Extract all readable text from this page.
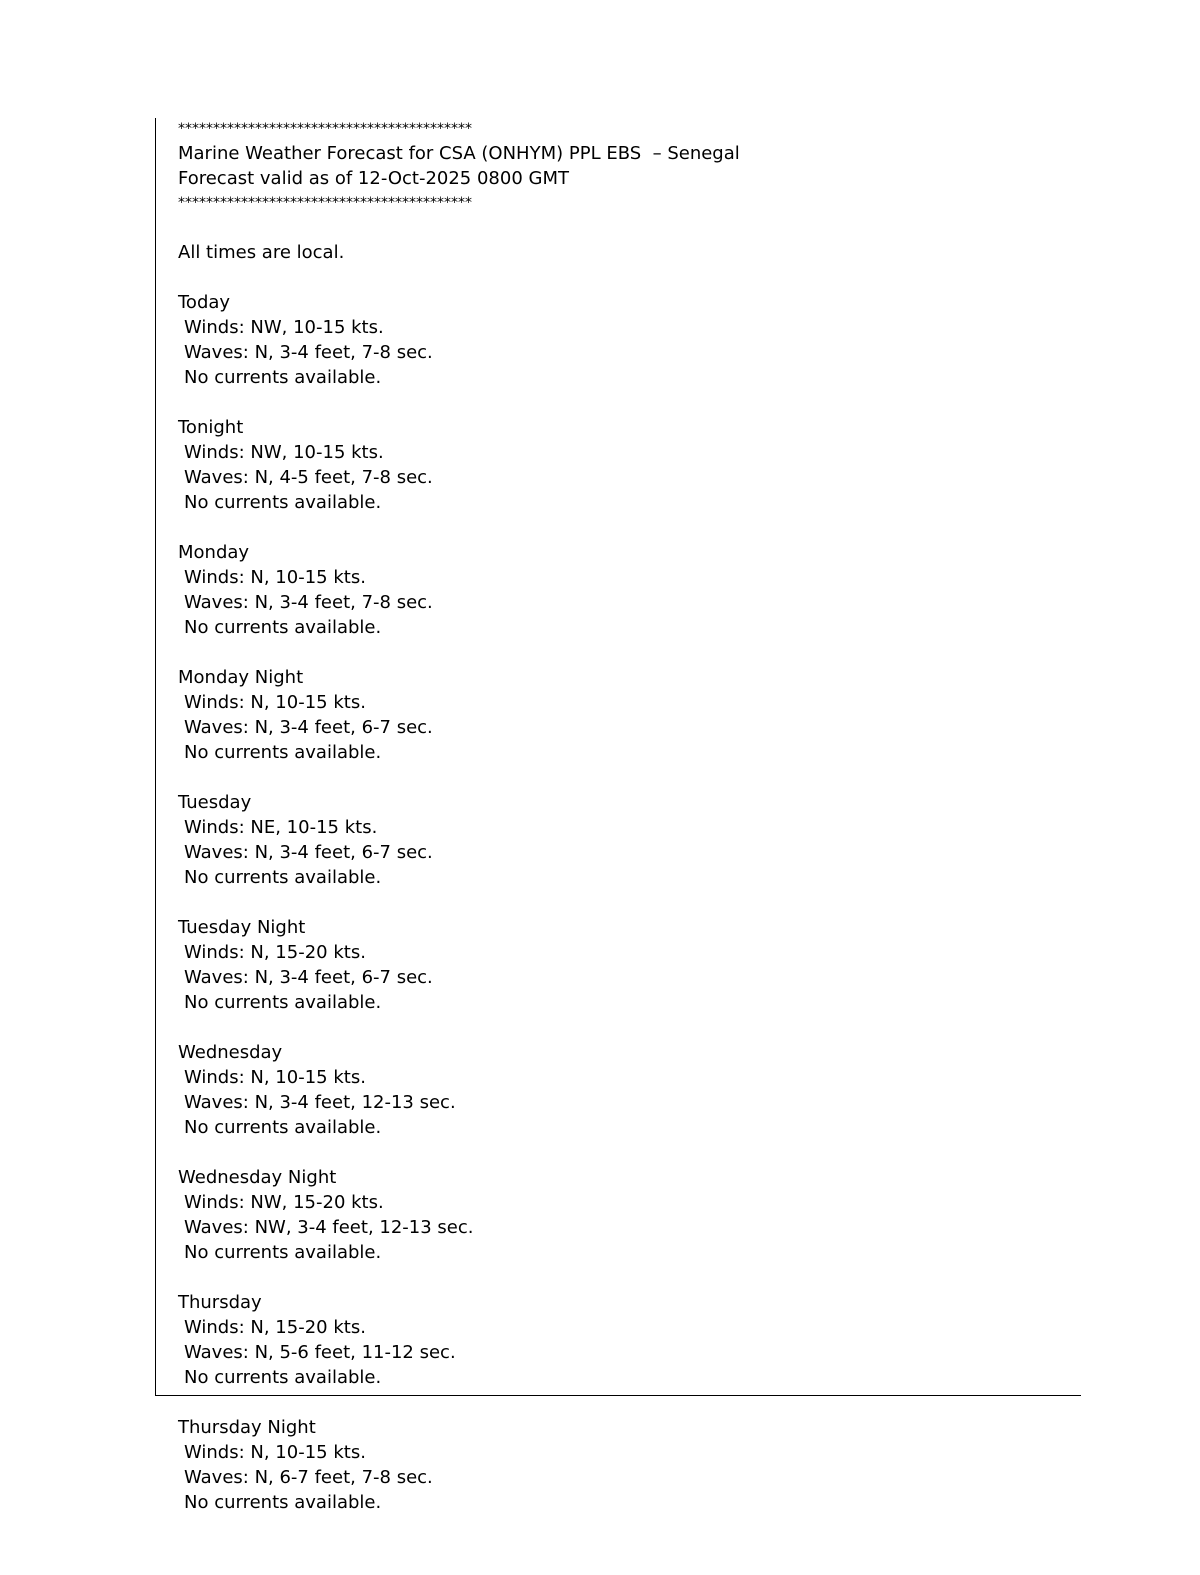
******************************************
Marine Weather Forecast for CSA (ONHYM) PPL EBS  – Senegal
Forecast valid as of 12-Oct-2025 0800 GMT
******************************************
All times are local.
Today
Winds: NW, 10-15 kts.
Waves: N, 3-4 feet, 7-8 sec.
No currents available.
Tonight
Winds: NW, 10-15 kts.
Waves: N, 4-5 feet, 7-8 sec.
No currents available.
Monday
Winds: N, 10-15 kts.
Waves: N, 3-4 feet, 7-8 sec.
No currents available.
Monday Night
Winds: N, 10-15 kts.
Waves: N, 3-4 feet, 6-7 sec.
No currents available.
Tuesday
Winds: NE, 10-15 kts.
Waves: N, 3-4 feet, 6-7 sec.
No currents available.
Tuesday Night
Winds: N, 15-20 kts.
Waves: N, 3-4 feet, 6-7 sec.
No currents available.
Wednesday
Winds: N, 10-15 kts.
Waves: N, 3-4 feet, 12-13 sec.
No currents available.
Wednesday Night
Winds: NW, 15-20 kts.
Waves: NW, 3-4 feet, 12-13 sec.
No currents available.
Thursday
Winds: N, 15-20 kts.
Waves: N, 5-6 feet, 11-12 sec.
No currents available.
Thursday Night
Winds: N, 10-15 kts.
Waves: N, 6-7 feet, 7-8 sec.
No currents available.
